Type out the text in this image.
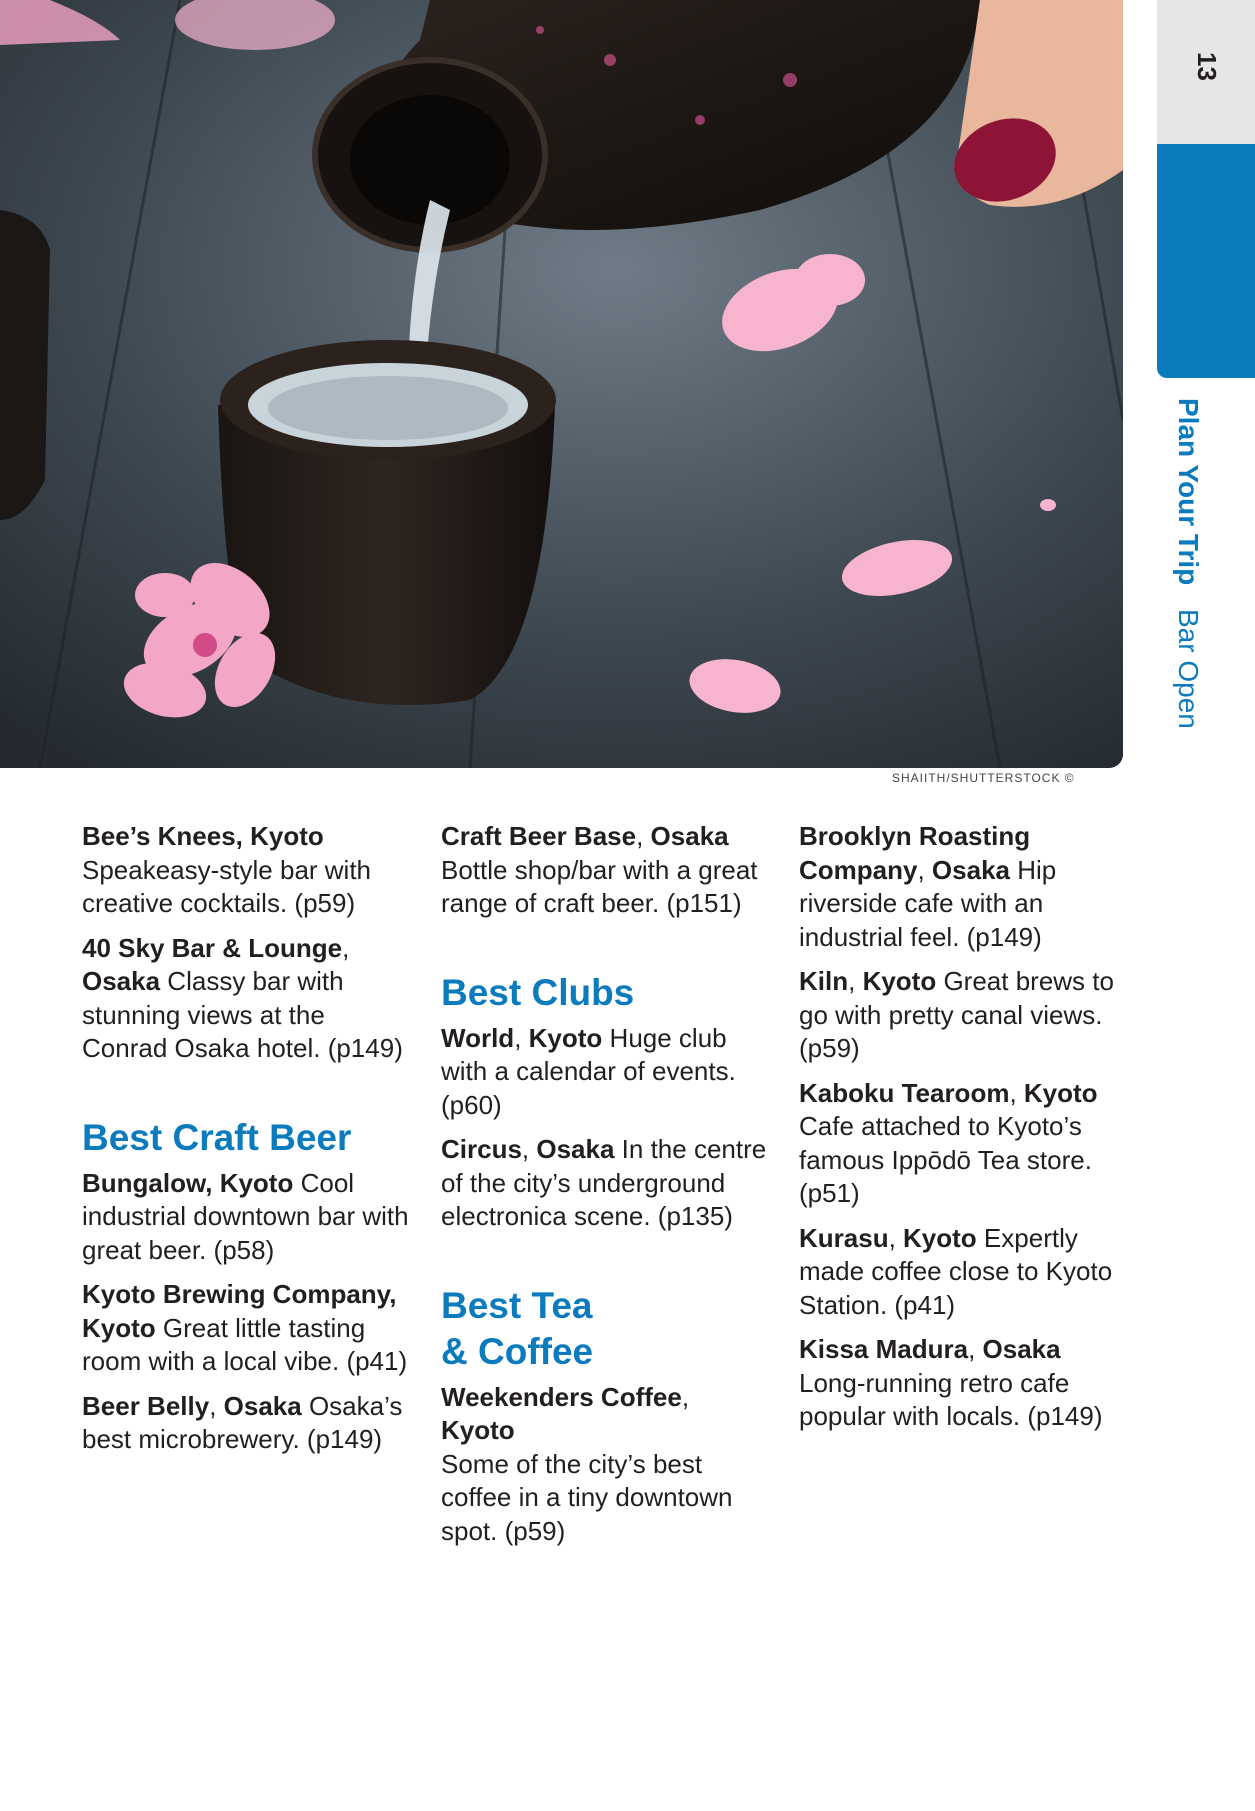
SHAIITH/SHUTTERSTOCK ©
13
Plan Your Trip Bar Open

Bee’s Knees, Kyoto
Speakeasy-style bar with creative cocktails. (p59)

40 Sky Bar & Lounge, Osaka Classy bar with stunning views at the Conrad Osaka hotel. (p149)

Best Craft Beer

Bungalow, Kyoto Cool industrial downtown bar with great beer. (p58)

Kyoto Brewing Company, Kyoto Great little tasting room with a local vibe. (p41)

Beer Belly, Osaka Osaka’s best microbrewery. (p149)

Craft Beer Base, Osaka
Bottle shop/bar with a great range of craft beer. (p151)

Best Clubs

World, Kyoto Huge club with a calendar of events. (p60)

Circus, Osaka In the centre of the city’s underground electronica scene. (p135)

Best Tea
& Coffee

Weekenders Coffee, Kyoto
Some of the city’s best coffee in a tiny downtown spot. (p59)

Brooklyn Roasting Company, Osaka Hip riverside cafe with an industrial feel. (p149)

Kiln, Kyoto Great brews to go with pretty canal views. (p59)

Kaboku Tearoom, Kyoto
Cafe attached to Kyoto’s famous Ippōdō Tea store. (p51)

Kurasu, Kyoto Expertly made coffee close to Kyoto Station. (p41)

Kissa Madura, Osaka Long-running retro cafe popular with locals. (p149)
